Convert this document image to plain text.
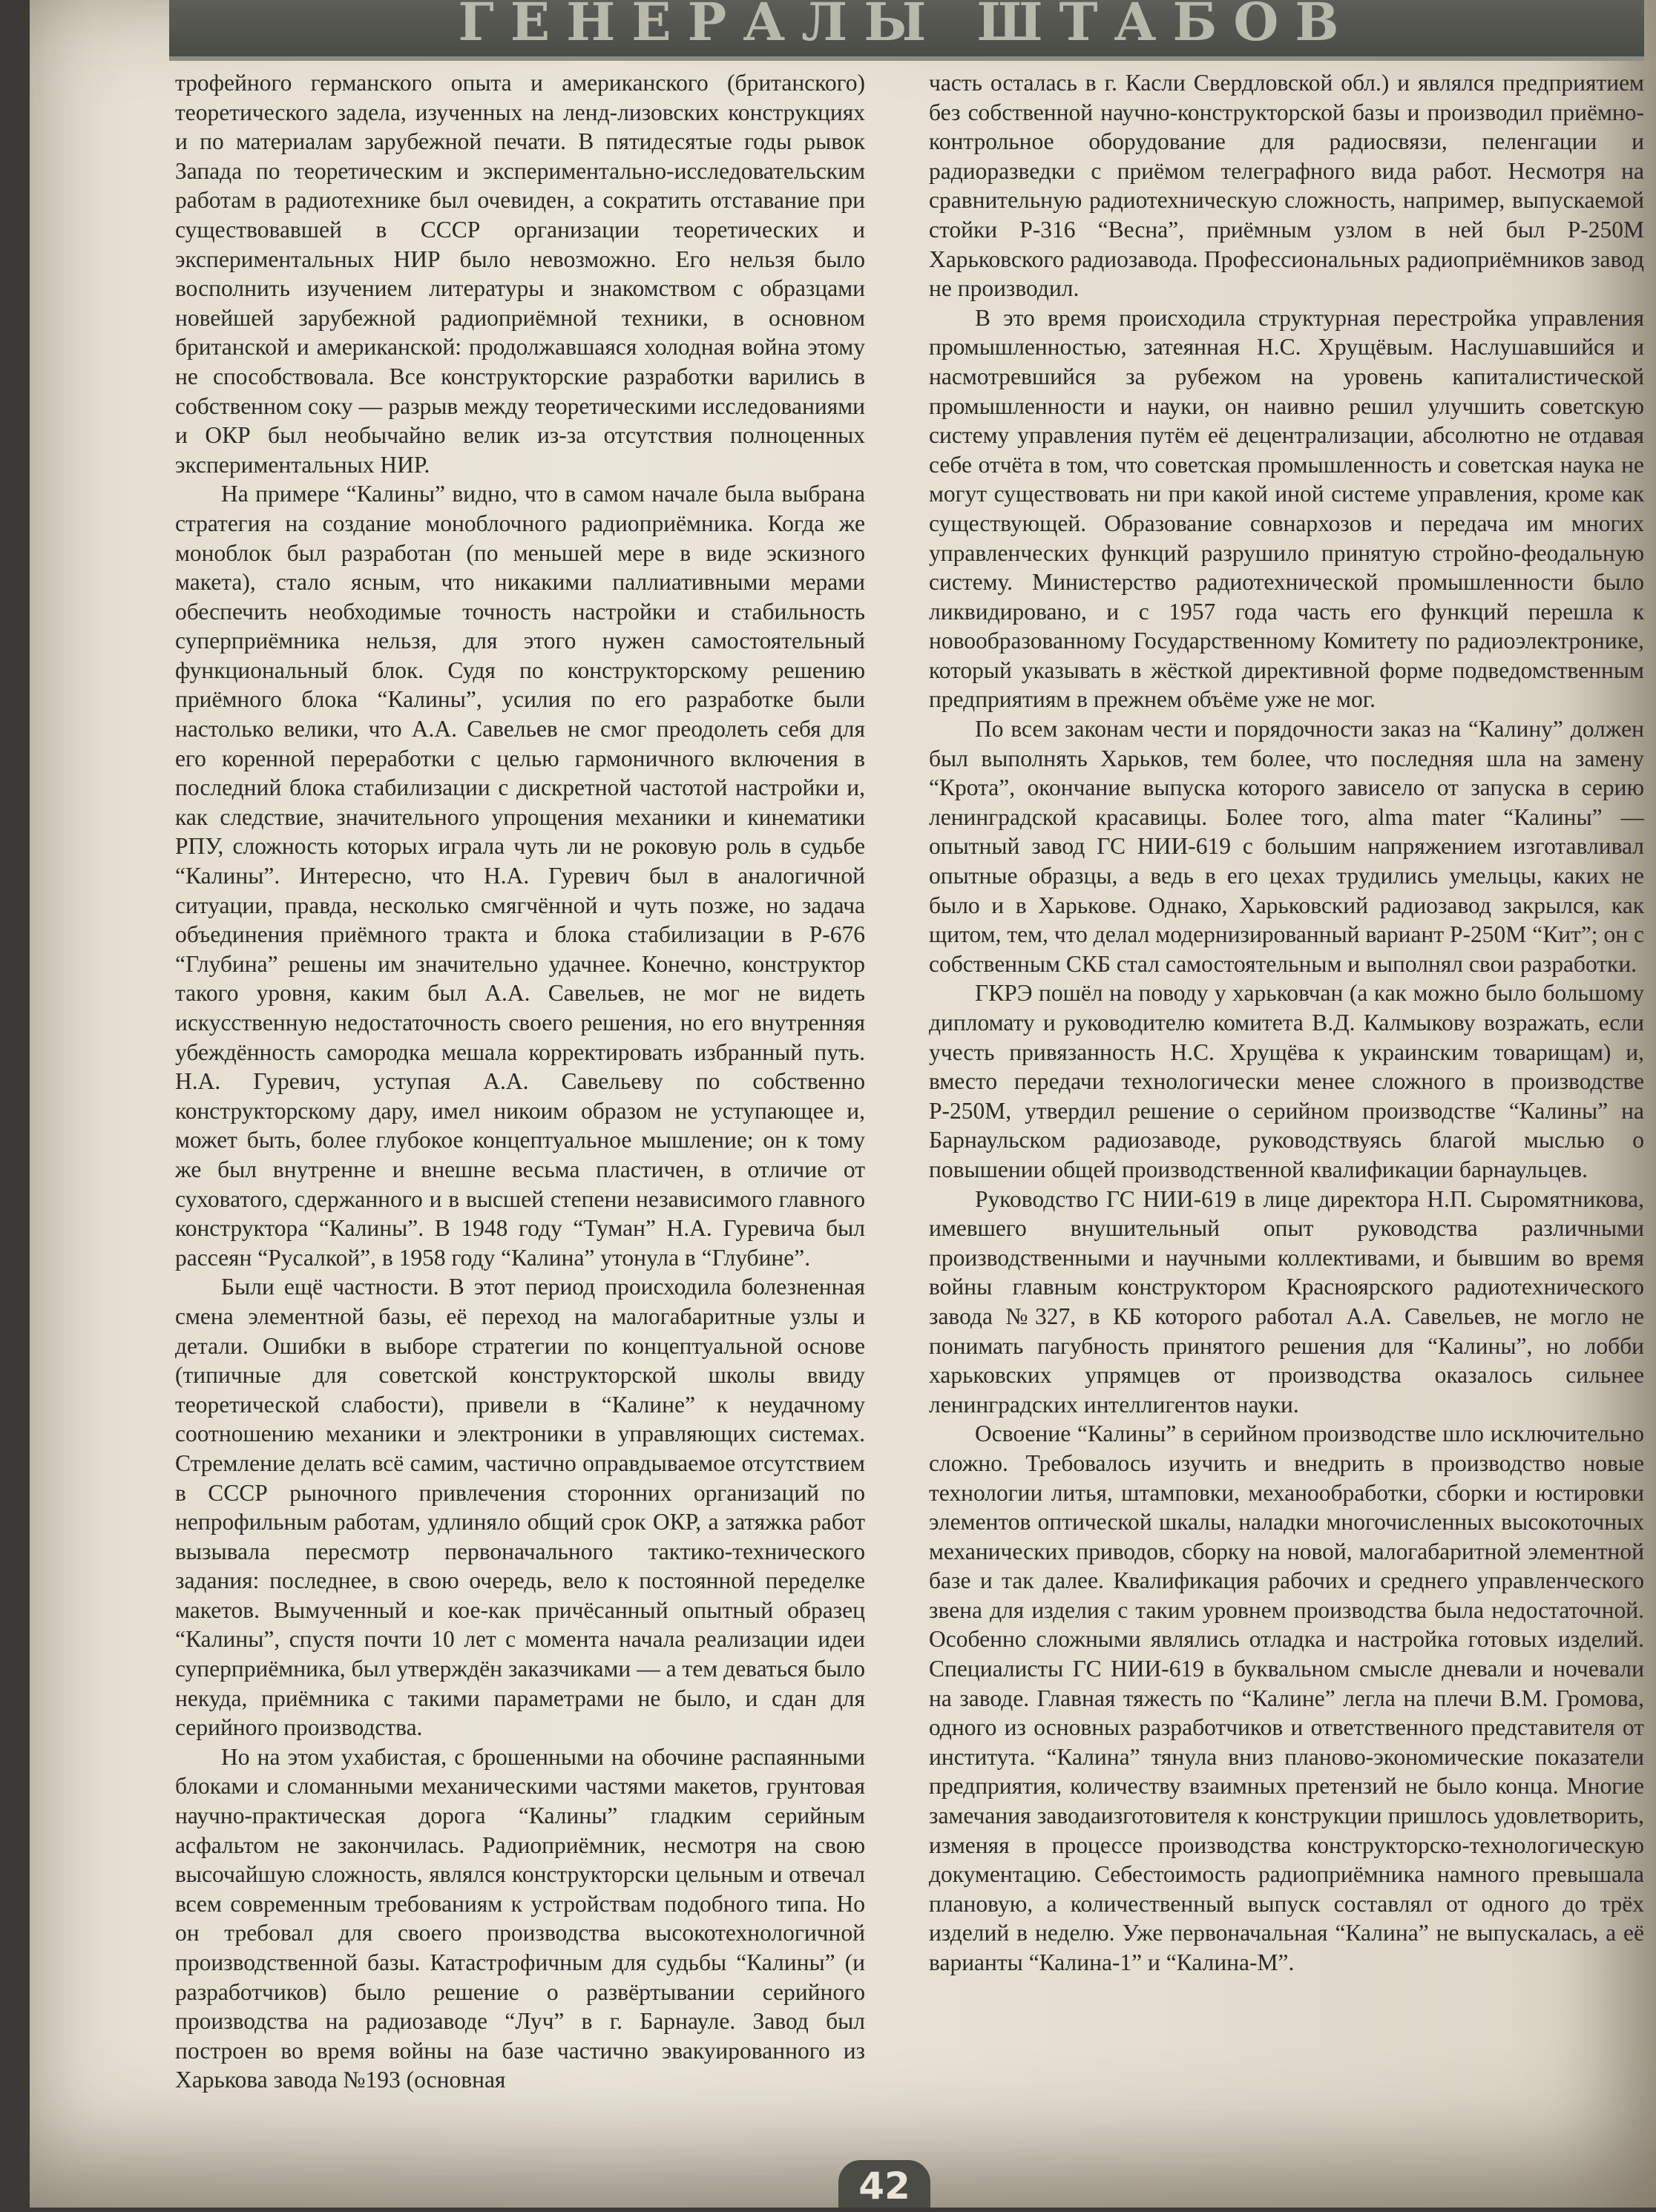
ГЕНЕРАЛЫ ШТАБОВ

трофейного германского опыта и американского (британского) теоретического задела, изученных на ленд-лизовских конструкциях и по материалам зарубежной печати. В пятидесятые годы рывок Запада по теоретическим и экспериментально-исследовательским работам в радиотехнике был очевиден, а сократить отставание при существовавшей в СССР организации теоретических и экспериментальных НИР было невозможно. Его нельзя было восполнить изучением литературы и знакомством с образцами новейшей зарубежной радиоприёмной техники, в основном британской и американской: продолжавшаяся холодная война этому не способствовала. Все конструкторские разработки варились в собственном соку — разрыв между теоретическими исследованиями и ОКР был необычайно велик из-за отсутствия полноценных экспериментальных НИР.

На примере “Калины” видно, что в самом начале была выбрана стратегия на создание моноблочного радиоприёмника. Когда же моноблок был разработан (по меньшей мере в виде эскизного макета), стало ясным, что никакими паллиативными мерами обеспечить необходимые точность настройки и стабильность суперприёмника нельзя, для этого нужен самостоятельный функциональный блок. Судя по конструкторскому решению приёмного блока “Калины”, усилия по его разработке были настолько велики, что А.А. Савельев не смог преодолеть себя для его коренной переработки с целью гармоничного включения в последний блока стабилизации с дискретной частотой настройки и, как следствие, значительного упрощения механики и кинематики РПУ, сложность которых играла чуть ли не роковую роль в судьбе “Калины”. Интересно, что Н.А. Гуревич был в аналогичной ситуации, правда, несколько смягчённой и чуть позже, но задача объединения приёмного тракта и блока стабилизации в Р-676 “Глубина” решены им значительно удачнее. Конечно, конструктор такого уровня, каким был А.А. Савельев, не мог не видеть искусственную недостаточность своего решения, но его внутренняя убеждённость самородка мешала корректировать избранный путь. Н.А. Гуревич, уступая А.А. Савельеву по собственно конструкторскому дару, имел никоим образом не уступающее и, может быть, более глубокое концептуальное мышление; он к тому же был внутренне и внешне весьма пластичен, в отличие от суховатого, сдержанного и в высшей степени независимого главного конструктора “Калины”. В 1948 году “Туман” Н.А. Гуревича был рассеян “Русалкой”, в 1958 году “Калина” утонула в “Глубине”.

Были ещё частности. В этот период происходила болезненная смена элементной базы, её переход на малогабаритные узлы и детали. Ошибки в выборе стратегии по концептуальной основе (типичные для советской конструкторской школы ввиду теоретической слабости), привели в “Калине” к неудачному соотношению механики и электроники в управляющих системах. Стремление делать всё самим, частично оправдываемое отсутствием в СССР рыночного привлечения сторонних организаций по непрофильным работам, удлиняло общий срок ОКР, а затяжка работ вызывала пересмотр первоначального тактико-технического задания: последнее, в свою очередь, вело к постоянной переделке макетов. Вымученный и кое-как причёсанный опытный образец “Калины”, спустя почти 10 лет с момента начала реализации идеи суперприёмника, был утверждён заказчиками — а тем деваться было некуда, приёмника с такими параметрами не было, и сдан для серийного производства.

Но на этом ухабистая, с брошенными на обочине распаянными блоками и сломанными механическими частями макетов, грунтовая научно-практическая дорога “Калины” гладким серийным асфальтом не закончилась. Радиоприёмник, несмотря на свою высочайшую сложность, являлся конструкторски цельным и отвечал всем современным требованиям к устройствам подобного типа. Но он требовал для своего производства высокотехнологичной производственной базы. Катастрофичным для судьбы “Калины” (и разработчиков) было решение о развёртывании серийного производства на радиозаводе “Луч” в г. Барнауле. Завод был построен во время войны на базе частично эвакуированного из Харькова завода №193 (основная

часть осталась в г. Касли Свердловской обл.) и являлся предприятием без собственной научно-конструкторской базы и производил приёмно-контрольное оборудование для радиосвязи, пеленгации и радиоразведки с приёмом телеграфного вида работ. Несмотря на сравнительную радиотехническую сложность, например, выпускаемой стойки Р-316 “Весна”, приёмным узлом в ней был Р-250М Харьковского радиозавода. Профессиональных радиоприёмников завод не производил.

В это время происходила структурная перестройка управления промышленностью, затеянная Н.С. Хрущёвым. Наслушавшийся и насмотревшийся за рубежом на уровень капиталистической промышленности и науки, он наивно решил улучшить советскую систему управления путём её децентрализации, абсолютно не отдавая себе отчёта в том, что советская промышленность и советская наука не могут существовать ни при какой иной системе управления, кроме как существующей. Образование совнархозов и передача им многих управленческих функций разрушило принятую стройно-феодальную систему. Министерство радиотехнической промышленности было ликвидировано, и с 1957 года часть его функций перешла к новообразованному Государственному Комитету по радиоэлектронике, который указывать в жёсткой директивной форме подведомственным предприятиям в прежнем объёме уже не мог.

По всем законам чести и порядочности заказ на “Калину” должен был выполнять Харьков, тем более, что последняя шла на замену “Крота”, окончание выпуска которого зависело от запуска в серию ленинградской красавицы. Более того, alma mater “Калины” — опытный завод ГС НИИ-619 с большим напряжением изготавливал опытные образцы, а ведь в его цехах трудились умельцы, каких не было и в Харькове. Однако, Харьковский радиозавод закрылся, как щитом, тем, что делал модернизированный вариант Р-250М “Кит”; он с собственным СКБ стал самостоятельным и выполнял свои разработки.

ГКРЭ пошёл на поводу у харьковчан (а как можно было большому дипломату и руководителю комитета В.Д. Калмыкову возражать, если учесть привязанность Н.С. Хрущёва к украинским товарищам) и, вместо передачи технологически менее сложного в производстве Р-250М, утвердил решение о серийном производстве “Калины” на Барнаульском радиозаводе, руководствуясь благой мыслью о повышении общей производственной квалификации барнаульцев.

Руководство ГС НИИ-619 в лице директора Н.П. Сыромятникова, имевшего внушительный опыт руководства различными производственными и научными коллективами, и бывшим во время войны главным конструктором Красноярского радиотехнического завода №327, в КБ которого работал А.А. Савельев, не могло не понимать пагубность принятого решения для “Калины”, но лобби харьковских упрямцев от производства оказалось сильнее ленинградских интеллигентов науки.

Освоение “Калины” в серийном производстве шло исключительно сложно. Требовалось изучить и внедрить в производство новые технологии литья, штамповки, механообработки, сборки и юстировки элементов оптической шкалы, наладки многочисленных высокоточных механических приводов, сборку на новой, малогабаритной элементной базе и так далее. Квалификация рабочих и среднего управленческого звена для изделия с таким уровнем производства была недостаточной. Особенно сложными являлись отладка и настройка готовых изделий. Специалисты ГС НИИ-619 в буквальном смысле дневали и ночевали на заводе. Главная тяжесть по “Калине” легла на плечи В.М. Громова, одного из основных разработчиков и ответственного представителя от института. “Калина” тянула вниз планово-экономические показатели предприятия, количеству взаимных претензий не было конца. Многие замечания заводаизготовителя к конструкции пришлось удовлетворить, изменяя в процессе производства конструкторско-технологическую документацию. Себестоимость радиоприёмника намного превышала плановую, а количественный выпуск составлял от одного до трёх изделий в неделю. Уже первоначальная “Калина” не выпускалась, а её варианты “Калина-1” и “Калина-М”.

42
